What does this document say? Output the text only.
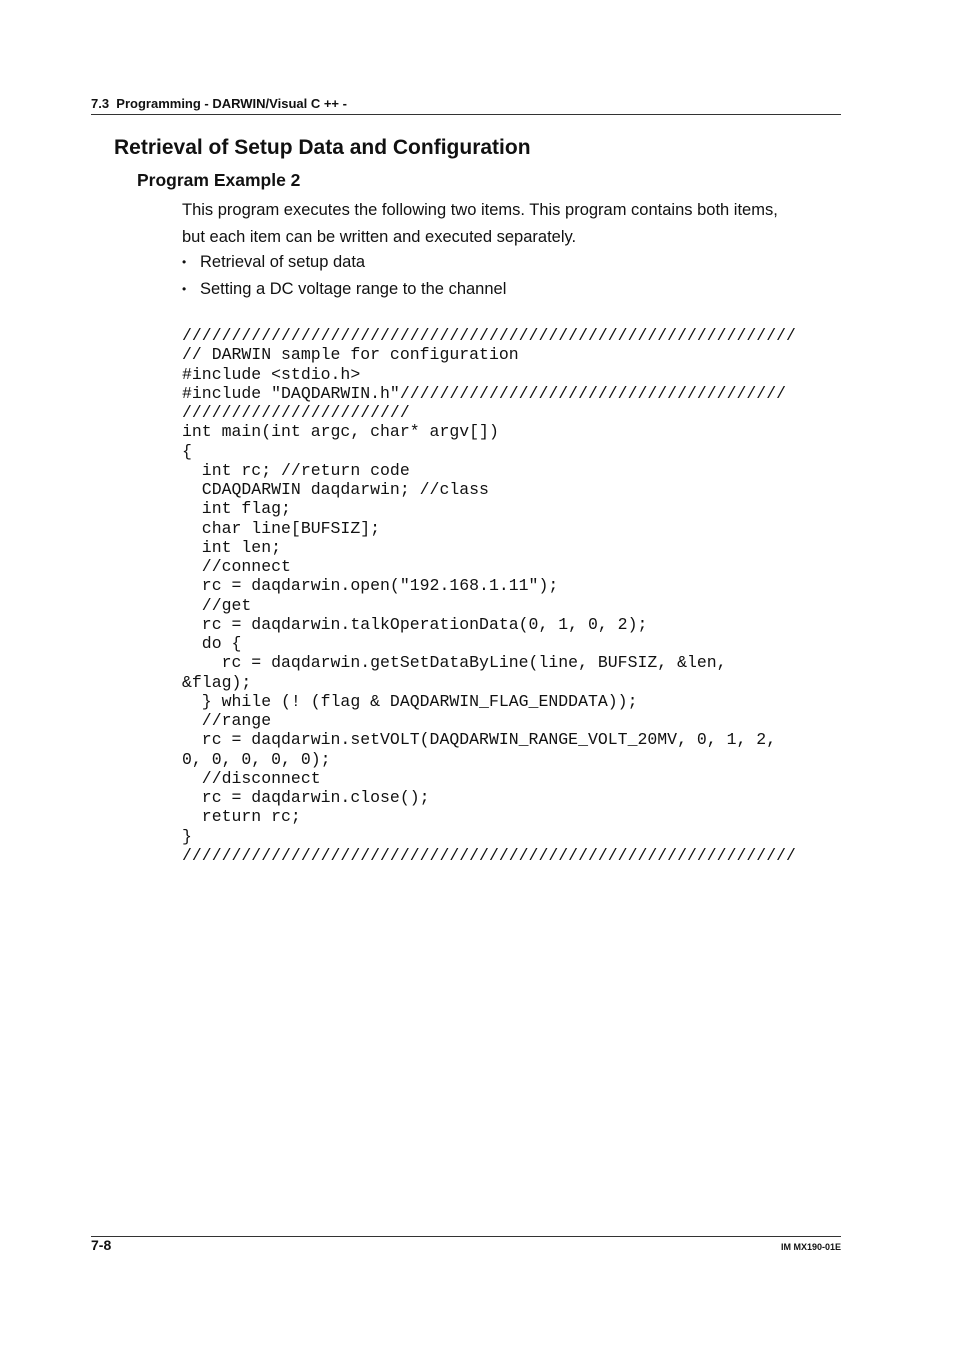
7.3  Programming - DARWIN/Visual C ++ -
Retrieval of Setup Data and Configuration
Program Example 2

This program executes the following two items. This program contains both items,

but each item can be written and executed separately.

• Retrieval of setup data
• Setting a DC voltage range to the channel
//////////////////////////////////////////////////////////////
// DARWIN sample for configuration
#include <stdio.h>
#include "DAQDARWIN.h"///////////////////////////////////////
///////////////////////
int main(int argc, char* argv[])
{
int rc; //return code
CDAQDARWIN daqdarwin; //class
int flag;
char line[BUFSIZ];
int len;
//connect
rc = daqdarwin.open("192.168.1.11");
//get
rc = daqdarwin.talkOperationData(0, 1, 0, 2);
do {
rc = daqdarwin.getSetDataByLine(line, BUFSIZ, &len,
&flag);
} while (! (flag & DAQDARWIN_FLAG_ENDDATA));
//range
rc = daqdarwin.setVOLT(DAQDARWIN_RANGE_VOLT_20MV, 0, 1, 2,
0, 0, 0, 0, 0);
//disconnect
rc = daqdarwin.close();
return rc;
}
//////////////////////////////////////////////////////////////
7-8	IM MX190-01E
